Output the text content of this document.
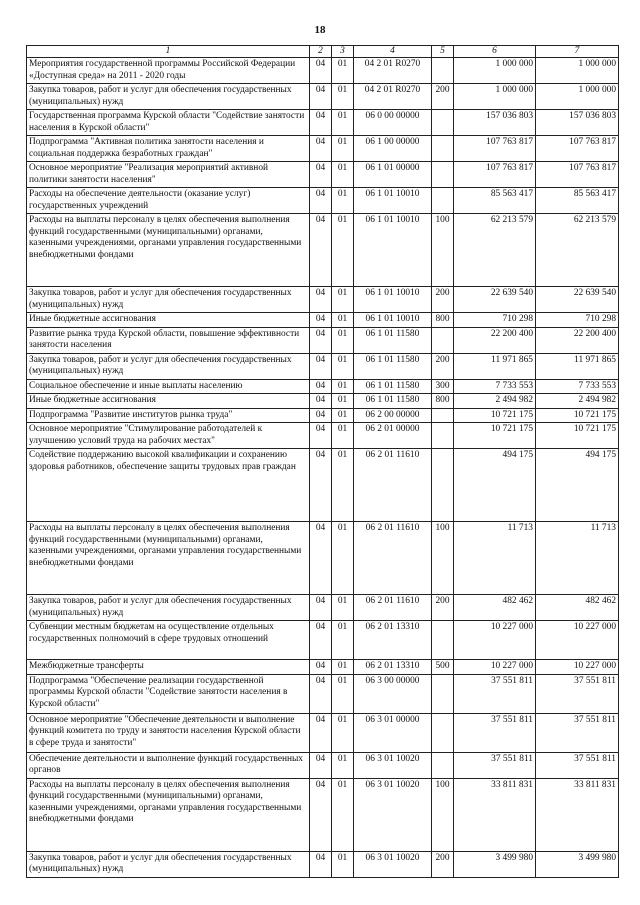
18
1	2	3	4	5	6	7
Мероприятия государственной программы Российской Федерации «Доступная среда» на 2011 - 2020 годы	04	01	04 2 01 R0270		1 000 000	1 000 000
Закупка товаров, работ и услуг для обеспечения государственных (муниципальных) нужд	04	01	04 2 01 R0270	200	1 000 000	1 000 000
Государственная программа Курской области "Содействие занятости населения в Курской области"	04	01	06 0 00 00000		157 036 803	157 036 803
Подпрограмма "Активная политика занятости населения и социальная поддержка безработных граждан"	04	01	06 1 00 00000		107 763 817	107 763 817
Основное мероприятие "Реализация мероприятий активной политики занятости населения"	04	01	06 1 01 00000		107 763 817	107 763 817
Расходы на обеспечение деятельности (оказание услуг) государственных учреждений	04	01	06 1 01 10010		85 563 417	85 563 417
Расходы на выплаты персоналу в целях обеспечения выполнения функций государственными (муниципальными) органами, казенными учреждениями, органами управления государственными внебюджетными фондами	04	01	06 1 01 10010	100	62 213 579	62 213 579
Закупка товаров, работ и услуг для обеспечения государственных (муниципальных) нужд	04	01	06 1 01 10010	200	22 639 540	22 639 540
Иные бюджетные ассигнования	04	01	06 1 01 10010	800	710 298	710 298
Развитие рынка труда Курской области, повышение эффективности занятости населения	04	01	06 1 01 11580		22 200 400	22 200 400
Закупка товаров, работ и услуг для обеспечения государственных (муниципальных) нужд	04	01	06 1 01 11580	200	11 971 865	11 971 865
Социальное обеспечение и иные выплаты населению	04	01	06 1 01 11580	300	7 733 553	7 733 553
Иные бюджетные ассигнования	04	01	06 1 01 11580	800	2 494 982	2 494 982
Подпрограмма "Развитие институтов рынка труда"	04	01	06 2 00 00000		10 721 175	10 721 175
Основное мероприятие "Стимулирование работодателей к улучшению условий труда на рабочих местах"	04	01	06 2 01 00000		10 721 175	10 721 175
Содействие поддержанию высокой квалификации и сохранению здоровья работников, обеспечение защиты трудовых прав граждан	04	01	06 2 01 11610		494 175	494 175
Расходы на выплаты персоналу в целях обеспечения выполнения функций государственными (муниципальными) органами, казенными учреждениями, органами управления государственными внебюджетными фондами	04	01	06 2 01 11610	100	11 713	11 713
Закупка товаров, работ и услуг для обеспечения государственных (муниципальных) нужд	04	01	06 2 01 11610	200	482 462	482 462
Субвенции местным бюджетам на осуществление отдельных государственных полномочий в сфере трудовых отношений	04	01	06 2 01 13310		10 227 000	10 227 000
Межбюджетные трансферты	04	01	06 2 01 13310	500	10 227 000	10 227 000
Подпрограмма "Обеспечение реализации государственной программы Курской области "Содействие занятости населения в Курской области"	04	01	06 3 00 00000		37 551 811	37 551 811
Основное мероприятие "Обеспечение деятельности и выполнение функций комитета по труду и занятости населения Курской области в сфере труда и занятости"	04	01	06 3 01 00000		37 551 811	37 551 811
Обеспечение деятельности и выполнение функций государственных органов	04	01	06 3 01 10020		37 551 811	37 551 811
Расходы на выплаты персоналу в целях обеспечения выполнения функций государственными (муниципальными) органами, казенными учреждениями, органами управления государственными внебюджетными фондами	04	01	06 3 01 10020	100	33 811 831	33 811 831
Закупка товаров, работ и услуг для обеспечения государственных (муниципальных) нужд	04	01	06 3 01 10020	200	3 499 980	3 499 980
